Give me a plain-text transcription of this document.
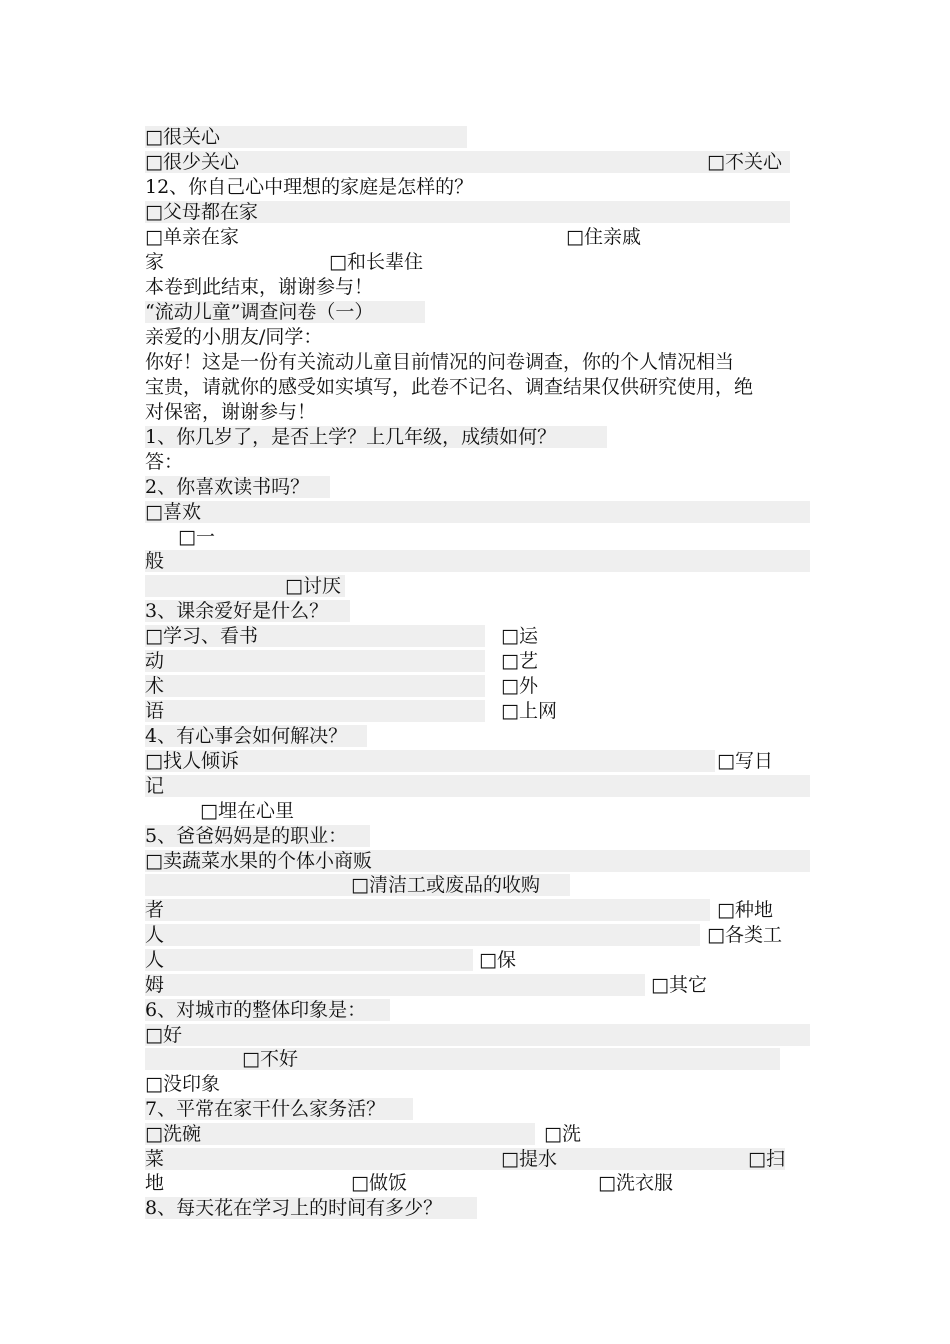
□很关心
□很少关心	□不关心
12、你自己心中理想的家庭是怎样的？
□父母都在家
□单亲在家	□住亲戚
家	□和长辈住
本卷到此结束，谢谢参与！
“流动儿童”调查问卷（一）
亲爱的小朋友/同学：
你好！这是一份有关流动儿童目前情况的问卷调查，你的个人情况相当
宝贵，请就你的感受如实填写，此卷不记名、调查结果仅供研究使用，绝
对保密，谢谢参与！
1、你几岁了，是否上学？上几年级，成绩如何？
答：
2、你喜欢读书吗？
□喜欢
□一
般
□讨厌
3、课余爱好是什么？
□学习、看书	□运
动	□艺
术	□外
语	□上网
4、有心事会如何解决？
□找人倾诉	□写日
记
□埋在心里
5、爸爸妈妈是的职业：
□卖蔬菜水果的个体小商贩
□清洁工或废品的收购
者	□种地
人	□各类工
人	□保
姆	□其它
6、对城市的整体印象是：
□好
□不好
□没印象
7、平常在家干什么家务活？
□洗碗	□洗
菜	□提水	□扫
地	□做饭	□洗衣服
8、每天花在学习上的时间有多少？
